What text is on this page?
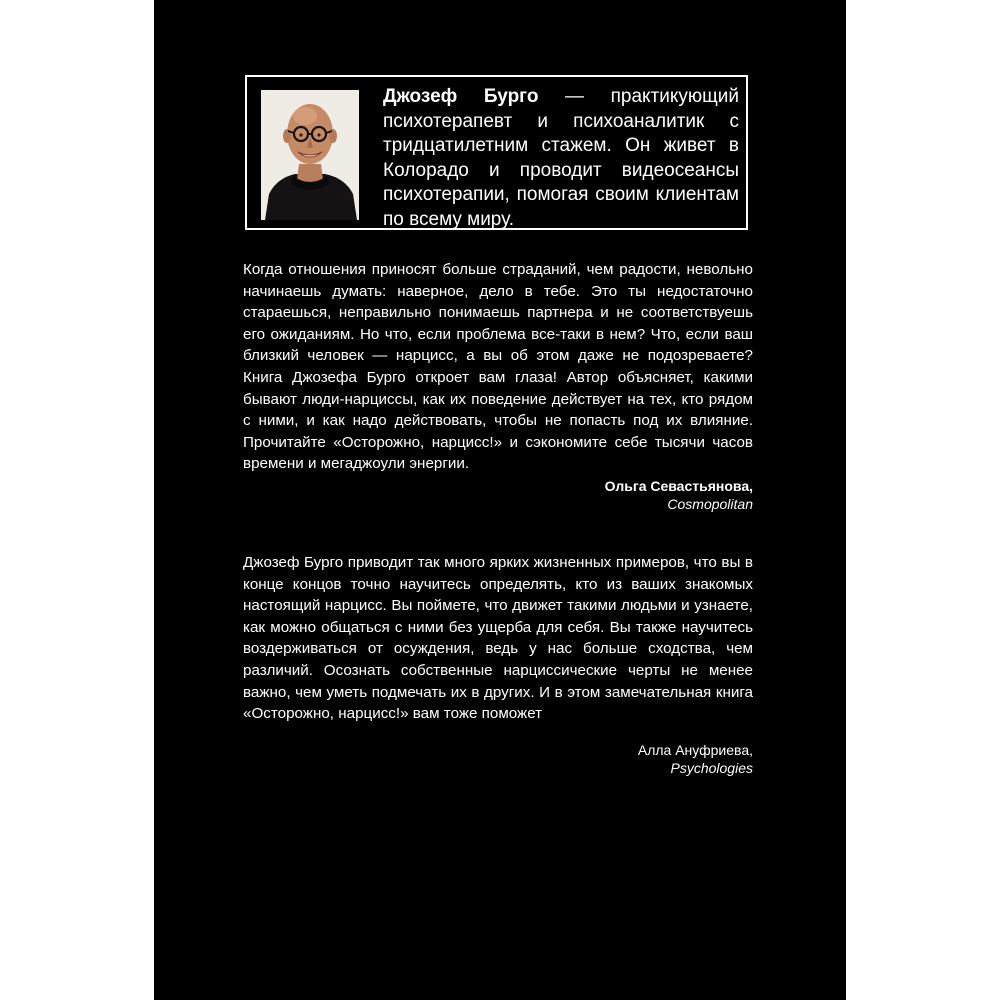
Джозеф Бурго — практикующий психотерапевт и психоаналитик с тридцатилетним стажем. Он живет в Колорадо и проводит видеосеансы психотерапии, помогая своим клиентам по всему миру.

Когда отношения приносят больше страданий, чем радости, невольно начинаешь думать: наверное, дело в тебе. Это ты недостаточно стараешься, неправильно понимаешь партнера и не соответствуешь его ожиданиям. Но что, если проблема все-таки в нем? Что, если ваш близкий человек — нарцисс, а вы об этом даже не подозреваете? Книга Джозефа Бурго откроет вам глаза! Автор объясняет, какими бывают люди-нарциссы, как их поведение действует на тех, кто рядом с ними, и как надо действовать, чтобы не попасть под их влияние. Прочитайте «Осторожно, нарцисс!» и сэкономите себе тысячи часов времени и мегаджоули энергии.

Ольга Севастьянова,
Cosmopolitan

Джозеф Бурго приводит так много ярких жизненных примеров, что вы в конце концов точно научитесь определять, кто из ваших знакомых настоящий нарцисс. Вы поймете, что движет такими людьми и узнаете, как можно общаться с ними без ущерба для себя. Вы также научитесь воздерживаться от осуждения, ведь у нас больше сходства, чем различий. Осознать собственные нарциссические черты не менее важно, чем уметь подмечать их в других. И в этом замечательная книга «Осторожно, нарцисс!» вам тоже поможет

Алла Ануфриева,
Psychologies
